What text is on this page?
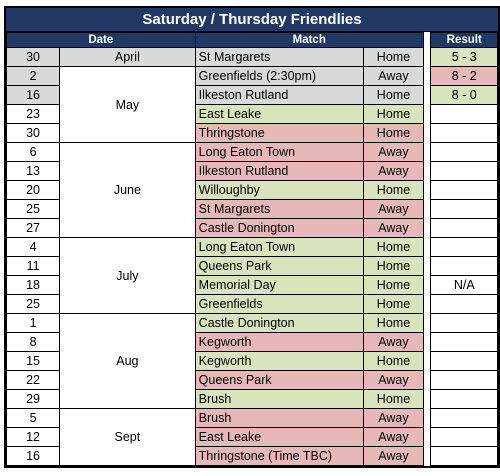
Saturday / Thursday Friendlies
Date		Match			Result
30	April	St Margarets	Home		5 - 3
2	May	Greenfields (2:30pm)	Away		8 - 2
16		Ilkeston Rutland	Home		8 - 0
23		East Leake	Home		
30		Thringstone	Home		
6	June	Long Eaton Town	Away		
13		Ilkeston Rutland	Away		
20		Willoughby	Home		
25		St Margarets	Away		
27		Castle Donington	Away		
4	July	Long Eaton Town	Home		
11		Queens Park	Home		
18		Memorial Day	Home		N/A
25		Greenfields	Home		
1	Aug	Castle Donington	Home		
8		Kegworth	Away		
15		Kegworth	Home		
22		Queens Park	Away		
29		Brush	Home		
5	Sept	Brush	Away		
12		East Leake	Away		
16		Thringstone (Time TBC)	Away		
